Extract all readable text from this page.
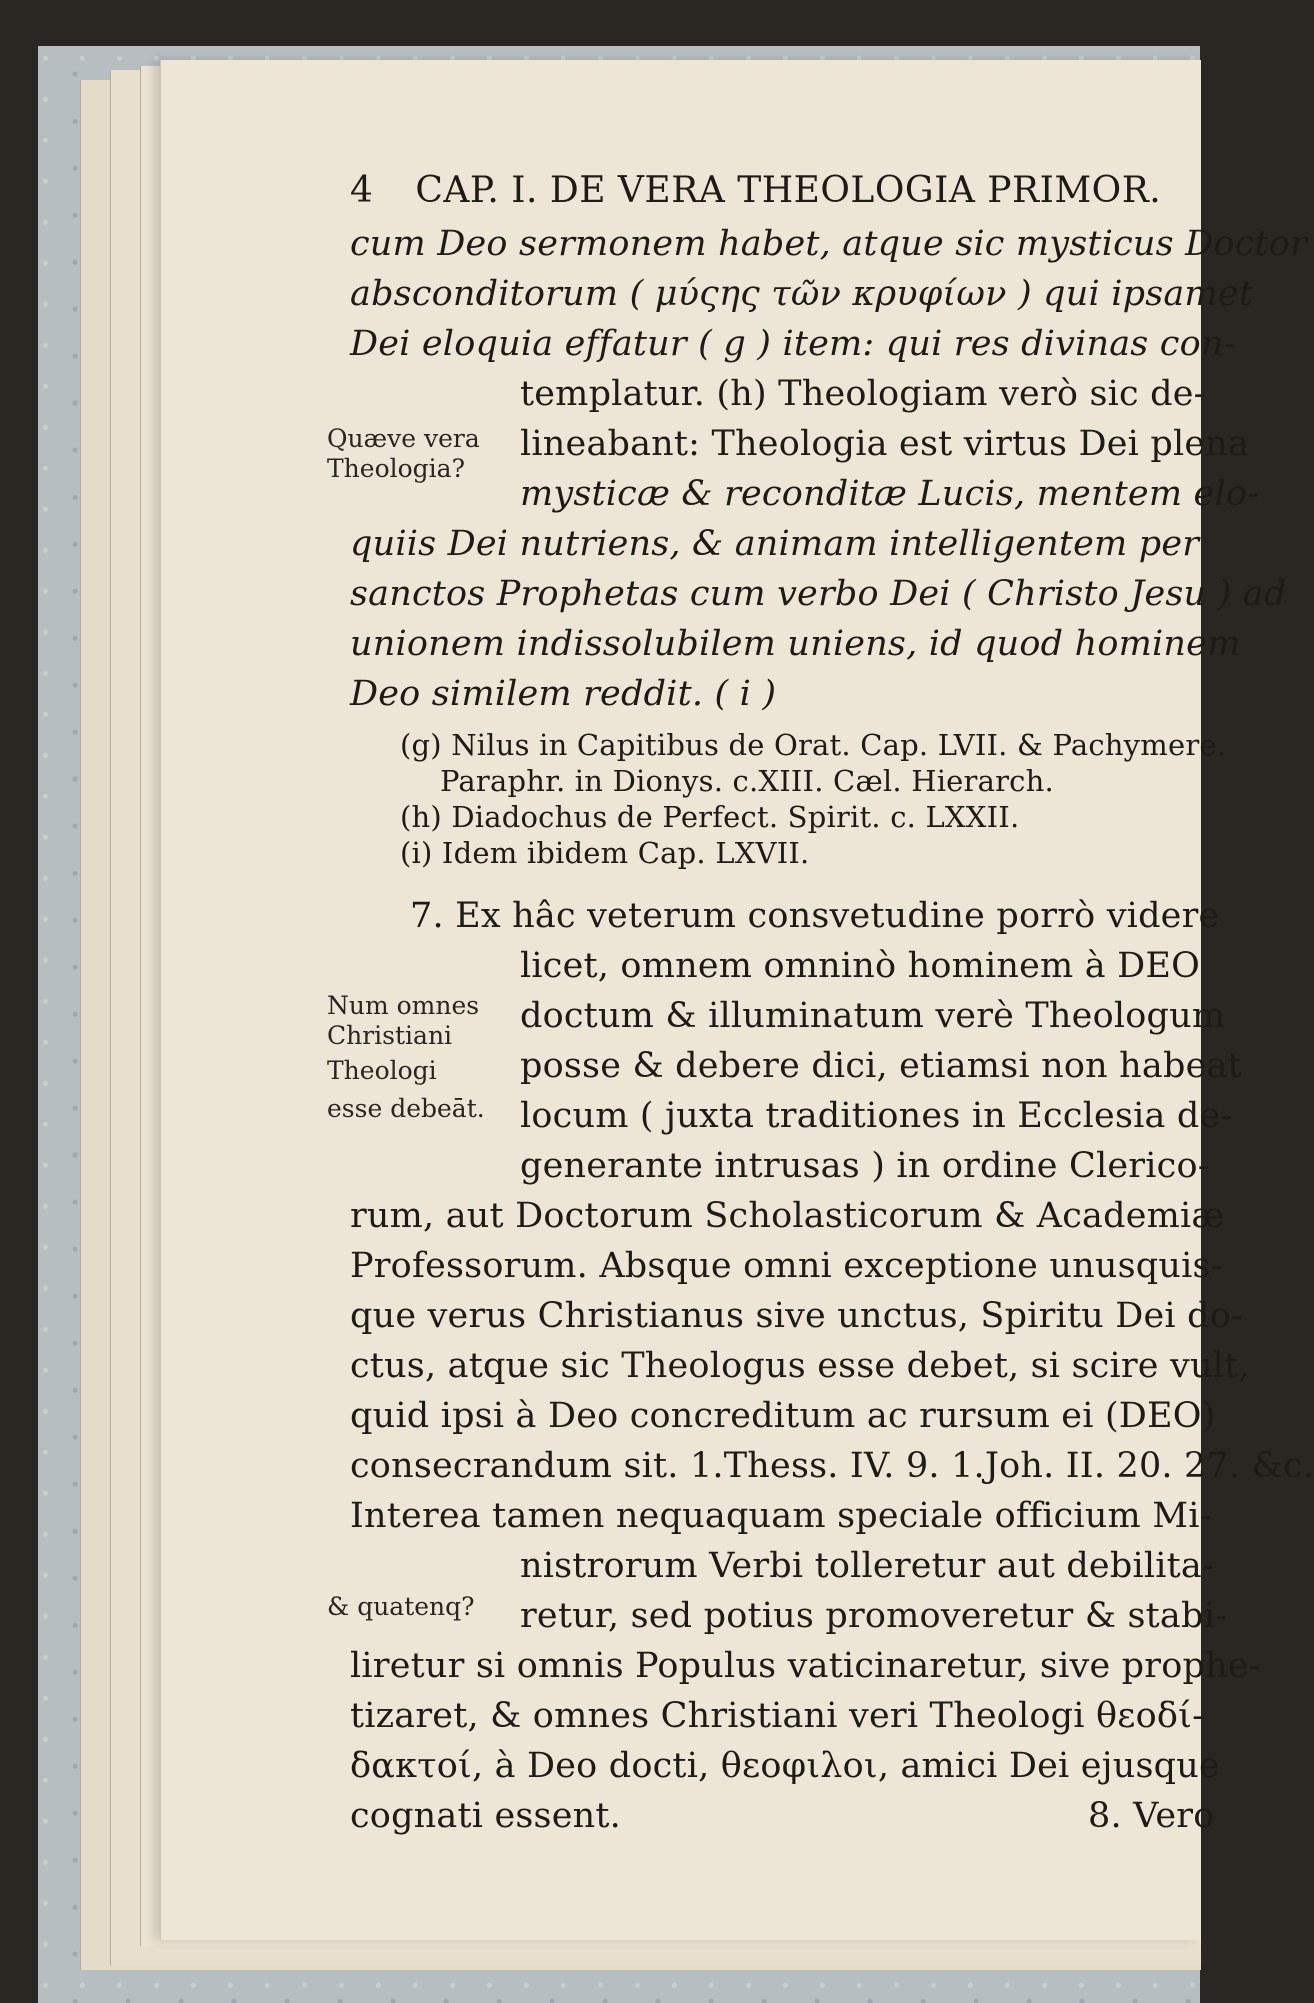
4 CAP. I. DE VERA THEOLOGIA PRIMOR.
cum Deo sermonem habet, atque sic mysticus Doctor
absconditorum ( μύςης τῶν κρυφίων ) qui ipsamet
Dei eloquia effatur ( g ) item: qui res divinas con-
templatur. (h) Theologiam verò sic de-
lineabant: Theologia est virtus Dei plena
mysticæ & reconditæ Lucis, mentem elo-
quiis Dei nutriens, & animam intelligentem per
sanctos Prophetas cum verbo Dei ( Christo Jesu ) ad
unionem indissolubilem uniens, id quod hominem
Deo similem reddit. ( i )
Quæve vera
Theologia?
(g) Nilus in Capitibus de Orat. Cap. LVII. & Pachymere.
Paraphr. in Dionys. c.XIII. Cæl. Hierarch.
(h) Diadochus de Perfect. Spirit. c. LXXII.
(i) Idem ibidem Cap. LXVII.
7. Ex hâc veterum consvetudine porrò videre
licet, omnem omninò hominem à DEO
doctum & illuminatum verè Theologum
posse & debere dici, etiamsi non habeat
locum ( juxta traditiones in Ecclesia de-
generante intrusas ) in ordine Clerico-
rum, aut Doctorum Scholasticorum & Academiæ
Professorum. Absque omni exceptione unusquis-
que verus Christianus sive unctus, Spiritu Dei do-
ctus, atque sic Theologus esse debet, si scire vult,
quid ipsi à Deo concreditum ac rursum ei (DEO)
consecrandum sit. 1.Thess. IV. 9. 1.Joh. II. 20. 27. &c.
Interea tamen nequaquam speciale officium Mi-
nistrorum Verbi tolleretur aut debilita-
retur, sed potius promoveretur & stabi-
liretur si omnis Populus vaticinaretur, sive prophe-
tizaret, & omnes Christiani veri Theologi θεοδί-
δακτοί, à Deo docti, θεοφιλοι, amici Dei ejusque
cognati essent.	8. Vero
Num omnes
Christiani
Theologi
esse debeāt.
& quatenq?
